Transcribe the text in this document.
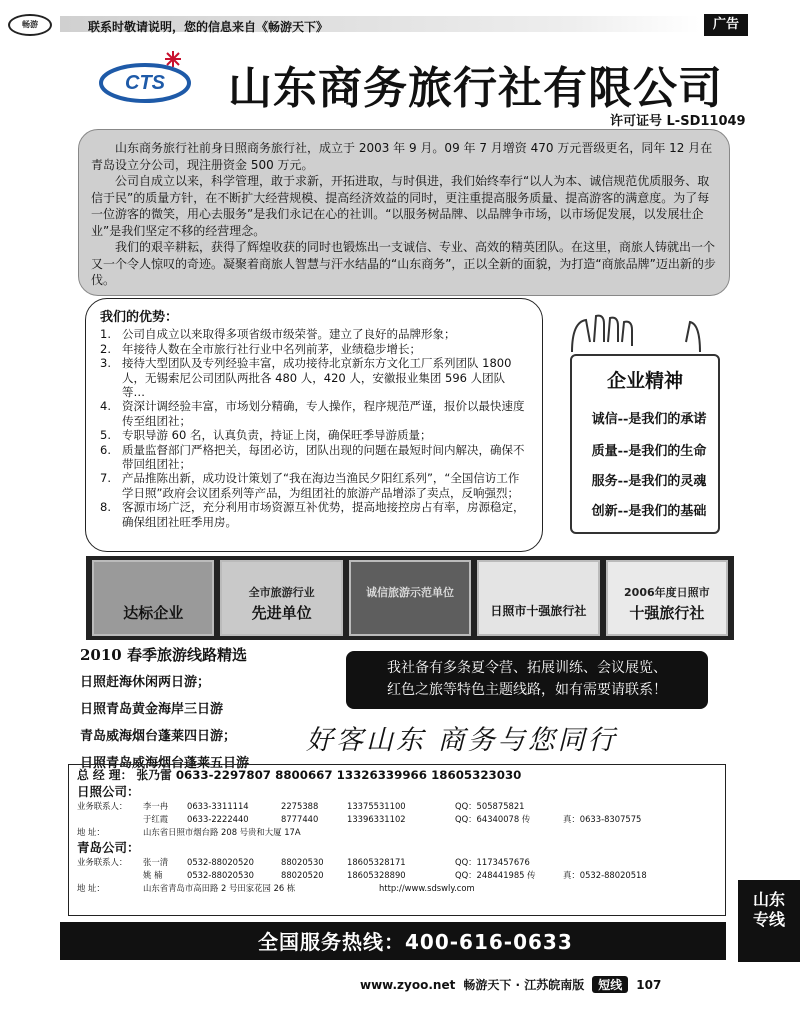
畅游	联系时敬请说明，您的信息来自《畅游天下》	广告
CTS 山东商务旅行社有限公司
许可证号 L-SD11049

山东商务旅行社前身日照商务旅行社，成立于 2003 年 9 月。09 年 7 月增资 470 万元晋级更名，同年 12 月在青岛设立分公司，现注册资金 500 万元。

公司自成立以来，科学管理，敢于求新，开拓进取，与时俱进，我们始终奉行“以人为本、诚信规范优质服务、取信于民”的质量方针，在不断扩大经营规模、提高经济效益的同时，更注重提高服务质量、提高游客的满意度。为了每一位游客的微笑，用心去服务”是我们永记在心的社训。“以服务树品牌、以品牌争市场，以市场促发展，以发展壮企业”是我们坚定不移的经营理念。

我们的艰辛耕耘，获得了辉煌收获的同时也锻炼出一支诚信、专业、高效的精英团队。在这里，商旅人铸就出一个又一个令人惊叹的奇迹。凝聚着商旅人智慧与汗水结晶的“山东商务”，正以全新的面貌，为打造“商旅品牌”迈出新的步伐。

我们的优势：
1. 公司自成立以来取得多项省级市级荣誉。建立了良好的品牌形象；
2. 年接待人数在全市旅行社行业中名列前茅，业绩稳步增长；
3. 接待大型团队及专列经验丰富，成功接待北京新东方文化工厂系列团队 1800 人，无锡索尼公司团队两批各 480 人，420 人，安徽报业集团 596 人团队等…
4. 资深计调经验丰富，市场划分精确，专人操作，程序规范严谨，报价以最快速度传至组团社；
5. 专职导游 60 名，认真负责，持证上岗，确保旺季导游质量；
6. 质量监督部门严格把关，每团必访，团队出现的问题在最短时间内解决，确保不带回组团社；
7. 产品推陈出新，成功设计策划了“我在海边当渔民夕阳红系列”，“全国信访工作学日照”政府会议团系列等产品，为组团社的旅游产品增添了卖点，反响强烈；
8. 客源市场广泛，充分利用市场资源互补优势，提高地接控房占有率，房源稳定，确保组团社旺季用房。
企业精神
诚信--是我们的承诺
质量--是我们的生命
服务--是我们的灵魂
创新--是我们的基础
达标企业
全市旅游行业
先进单位
诚信旅游示范单位
日照市十强旅行社
2006年度日照市
十强旅行社
2010 春季旅游线路精选
日照赶海休闲两日游；
日照青岛黄金海岸三日游
青岛威海烟台蓬莱四日游；
日照青岛威海烟台蓬莱五日游
我社备有多条夏令营、拓展训练、会议展览、
红色之旅等特色主题线路，如有需要请联系！
好客山东 商务与您同行
总 经 理： 张乃雷 0633-2297807 8800667 13326339966 18605323030
日照公司：
业务联系人：	李一冉	0633-3311114	2275388	13375531100	QQ：505875821
于红霞	0633-2222440	8777440	13396331102	QQ：64340078 传	真：0633-8307575
地 址：	山东省日照市烟台路 208 号贵和大厦 17A
青岛公司：
业务联系人：	张一清	0532-88020520	88020530	18605328171	QQ：1173457676
姚 楠	0532-88020530	88020520	18605328890	QQ：248441985 传	真：0532-88020518
地 址：	山东省青岛市高田路 2 号田家花园 26 栋	http://www.sdswly.com
全国服务热线：400-616-0633
山东
专线
www.zyoo.net 畅游天下 · 江苏皖南版	短线	107
